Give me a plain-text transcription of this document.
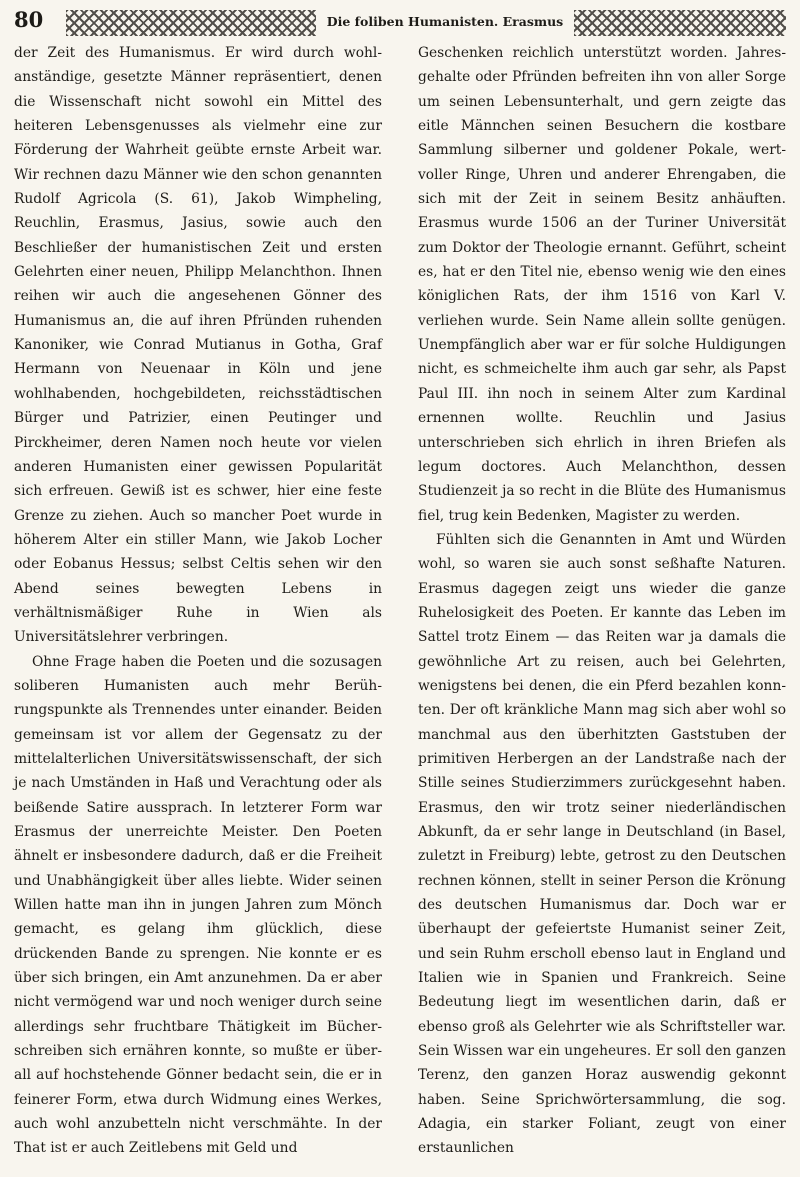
80	Die foliben Humanisten. Erasmus

der Zeit des Humanismus. Er wird durch wohlanständige, gesetzte Männer repräsentiert, denen die Wissenschaft nicht sowohl ein Mittel des heiteren Lebensgenusses als vielmehr eine zur Förderung der Wahrheit geübte ernste Arbeit war. Wir rechnen dazu Männer wie den schon genannten Rudolf Agricola (S. 61), Jakob Wimpheling, Reuchlin, Erasmus, Jasius, sowie auch den Beschließer der humanistischen Zeit und ersten Gelehrten einer neuen, Philipp Melanchthon. Ihnen reihen wir auch die angesehenen Gönner des Humanismus an, die auf ihren Pfründen ruhenden Kanoniker, wie Conrad Mutianus in Gotha, Graf Hermann von Neuenaar in Köln und jene wohlhabenden, hochgebildeten, reichsstädtischen Bürger und Patrizier, einen Peutinger und Pirckheimer, deren Namen noch heute vor vielen anderen Humanisten einer gewissen Popularität sich erfreuen. Gewiß ist es schwer, hier eine feste Grenze zu ziehen. Auch so mancher Poet wurde in höherem Alter ein stiller Mann, wie Jakob Locher oder Eobanus Hessus; selbst Celtis sehen wir den Abend seines bewegten Lebens in verhältnismäßiger Ruhe in Wien als Universitätslehrer verbringen.

Ohne Frage haben die Poeten und die sozusagen soliberen Humanisten auch mehr Berührungspunkte als Trennendes unter einander. Beiden gemeinsam ist vor allem der Gegensatz zu der mittelalterlichen Universitätswissenschaft, der sich je nach Umständen in Haß und Verachtung oder als beißende Satire aussprach. In letzterer Form war Erasmus der unerreichte Meister. Den Poeten ähnelt er insbesondere dadurch, daß er die Freiheit und Unabhängigkeit über alles liebte. Wider seinen Willen hatte man ihn in jungen Jahren zum Mönch gemacht, es gelang ihm glücklich, diese drückenden Bande zu sprengen. Nie konnte er es über sich bringen, ein Amt anzunehmen. Da er aber nicht vermögend war und noch weniger durch seine allerdings sehr fruchtbare Thätigkeit im Bücherschreiben sich ernähren konnte, so mußte er überall auf hochstehende Gönner bedacht sein, die er in feinerer Form, etwa durch Widmung eines Werkes, auch wohl anzubetteln nicht verschmähte. In der That ist er auch Zeitlebens mit Geld und

Geschenken reichlich unterstützt worden. Jahresgehalte oder Pfründen befreiten ihn von aller Sorge um seinen Lebensunterhalt, und gern zeigte das eitle Männchen seinen Besuchern die kostbare Sammlung silberner und goldener Pokale, wertvoller Ringe, Uhren und anderer Ehrengaben, die sich mit der Zeit in seinem Besitz anhäuften. Erasmus wurde 1506 an der Turiner Universität zum Doktor der Theologie ernannt. Geführt, scheint es, hat er den Titel nie, ebenso wenig wie den eines königlichen Rats, der ihm 1516 von Karl V. verliehen wurde. Sein Name allein sollte genügen. Unempfänglich aber war er für solche Huldigungen nicht, es schmeichelte ihm auch gar sehr, als Papst Paul III. ihn noch in seinem Alter zum Kardinal ernennen wollte. Reuchlin und Jasius unterschrieben sich ehrlich in ihren Briefen als legum doctores. Auch Melanchthon, dessen Studienzeit ja so recht in die Blüte des Humanismus fiel, trug kein Bedenken, Magister zu werden.

Fühlten sich die Genannten in Amt und Würden wohl, so waren sie auch sonst seßhafte Naturen. Erasmus dagegen zeigt uns wieder die ganze Ruhelosigkeit des Poeten. Er kannte das Leben im Sattel trotz Einem — das Reiten war ja damals die gewöhnliche Art zu reisen, auch bei Gelehrten, wenigstens bei denen, die ein Pferd bezahlen konnten. Der oft kränkliche Mann mag sich aber wohl so manchmal aus den überhitzten Gaststuben der primitiven Herbergen an der Landstraße nach der Stille seines Studierzimmers zurückgesehnt haben. Erasmus, den wir trotz seiner niederländischen Abkunft, da er sehr lange in Deutschland (in Basel, zuletzt in Freiburg) lebte, getrost zu den Deutschen rechnen können, stellt in seiner Person die Krönung des deutschen Humanismus dar. Doch war er überhaupt der gefeiertste Humanist seiner Zeit, und sein Ruhm erscholl ebenso laut in England und Italien wie in Spanien und Frankreich. Seine Bedeutung liegt im wesentlichen darin, daß er ebenso groß als Gelehrter wie als Schriftsteller war. Sein Wissen war ein ungeheures. Er soll den ganzen Terenz, den ganzen Horaz auswendig gekonnt haben. Seine Sprichwörtersammlung, die sog. Adagia, ein starker Foliant, zeugt von einer erstaunlichen
